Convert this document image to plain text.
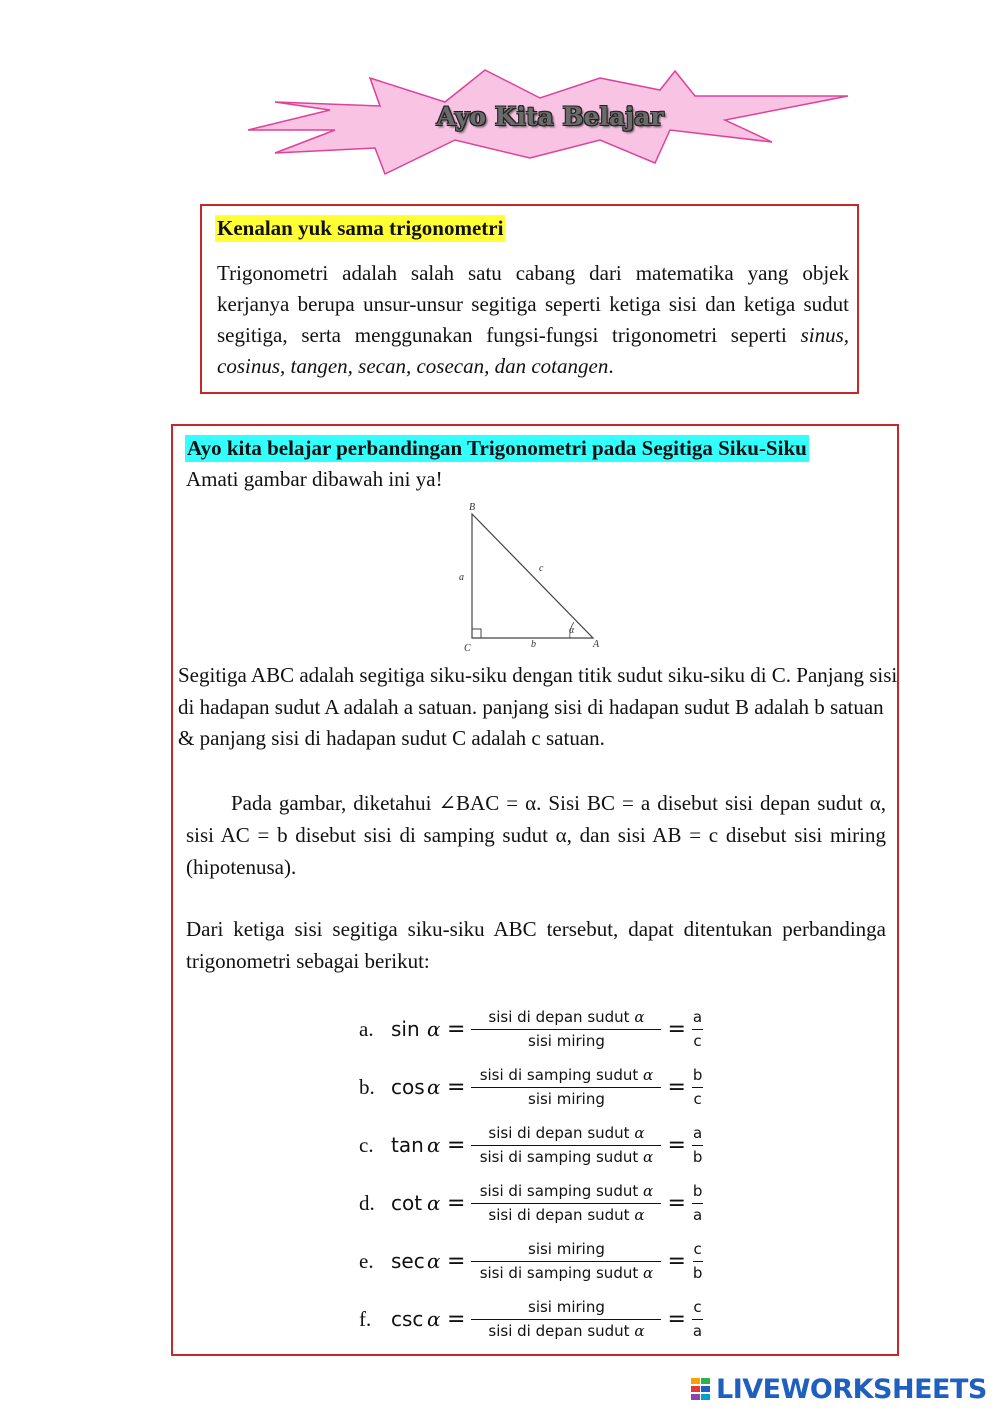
Ayo Kita Belajar
Kenalan yuk sama trigonometri
Trigonometri adalah salah satu cabang dari matematika yang objek kerjanya berupa unsur-unsur segitiga seperti ketiga sisi dan ketiga sudut segitiga, serta menggunakan fungsi-fungsi trigonometri seperti sinus, cosinus, tangen, secan, cosecan, dan cotangen.
Ayo kita belajar perbandingan Trigonometri pada Segitiga Siku-Siku
Amati gambar dibawah ini ya!
B
C	A
a
b
c
α
Segitiga ABC adalah segitiga siku-siku dengan titik sudut siku-siku di C. Panjang sisi di hadapan sudut A adalah a satuan. panjang sisi di hadapan sudut B adalah b satuan & panjang sisi di hadapan sudut C adalah c satuan.
Pada gambar, diketahui ∠BAC = α. Sisi BC = a disebut sisi depan sudut α, sisi AC = b disebut sisi di samping sudut α, dan sisi AB = c disebut sisi miring (hipotenusa).
Dari ketiga sisi segitiga siku-siku ABC tersebut, dapat ditentukan perbandinga trigonometri sebagai berikut:
a. $\sin \alpha = \frac{\text{sisi di depan sudut α}}{\text{sisi miring}} = \frac{a}{c}$
b. $\cos \alpha = \frac{\text{sisi di samping sudut α}}{\text{sisi miring}} = \frac{b}{c}$
c. $\tan \alpha = \frac{\text{sisi di depan sudut α}}{\text{sisi di samping sudut α}} = \frac{a}{b}$
d. $\cot \alpha = \frac{\text{sisi di samping sudut α}}{\text{sisi di depan sudut α}} = \frac{b}{a}$
e. $\sec \alpha = \frac{\text{sisi miring}}{\text{sisi di samping sudut α}} = \frac{c}{b}$
f. $\csc \alpha = \frac{\text{sisi miring}}{\text{sisi di depan sudut α}} = \frac{c}{a}$
LIVEWORKSHEETS
